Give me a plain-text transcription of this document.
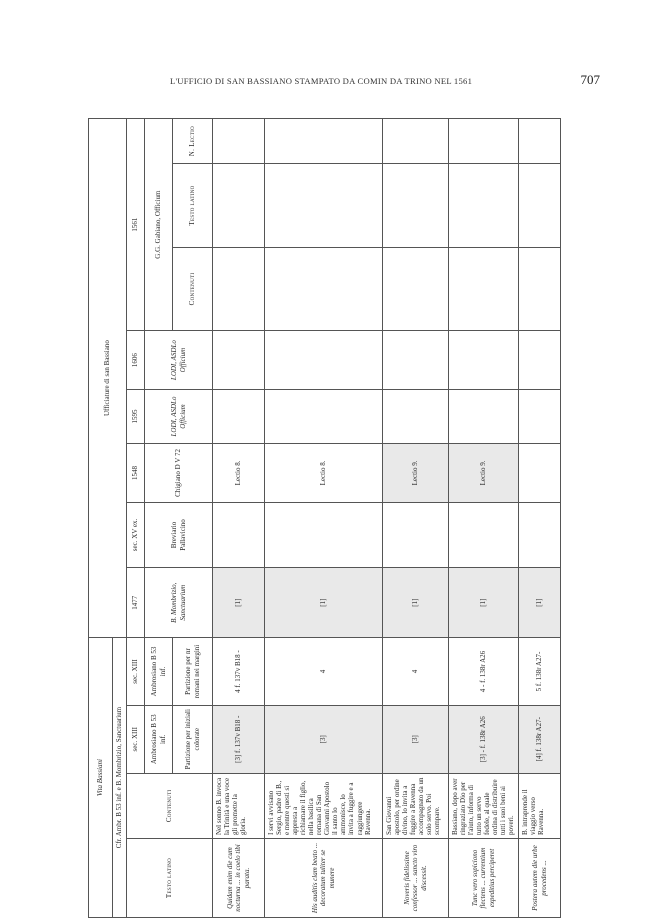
L'UFFICIO DI SAN BASSIANO STAMPATO DA COMIN DA TRINO NEL 1561	707
Vita Bassiani				Ufficiature di san Bassiano							
Cfr. Ambr. B 53 inf. e B. Mombrizio, Sanctuarium											
Testo latino	Contenuti	sec. XIII	sec. XIII	1477	sec. XV ex.	1548	1595	1606	1561		
		Ambrosiano B 53 inf.	Ambrosiano B 53 inf.	B. Mombrizio, Sanctuarium	Breviario Pallavicino	Chigiano D V 72	LODI, ASDLo Officium	LODI, ASDLo Officium	G.G. Gabiano, Officium		
		Partizione per iniziali colorate	Partizione per nr romani nei margini						Contenuti	Testo latino	N. Lectio
Quidam enim die cum nocturna ... in coelo tibi parata.	Nel sonno B. invoca la Trinità e una voce gli promette la gloria.	[3] f. 137v B18 -	4 f. 137v B18 -	[1]		Lectio 8.					
His auditis clam beato ... decoratum tuliter se munere	I servi avvisano Sergio, padre di B., e mentre questi si appresta a richiamare il figlio, nella basilica romana di San Giovanni Apostolo il santo lo ammonisce, lo invita a fuggire e a raggiungere Ravenna.	[3]	4	[1]		Lectio 8.					
Noveris fidelissime confessor ... sancto viro discessit.	San Giovanni apostolo, per ordine divino, lo invita a fuggire a Ravenna accompagnato da un solo servo. Poi scompare.	[3]	4	[1]		Lectio 9.					
Tunc vero sopiciono flectens ... currentium expeditius perciperet	Bassiano, dopo aver ringraziato Dio per l'aiuto, informa di tutto un servo fedele, al quale ordina di distribuire tutti i suoi beni ai poveri.	[3] - f. 138r A26	4 - f. 138r A26	[1]		Lectio 9.					
Postera autem die urbe procedens ...	B. intraprende il viaggio verso Ravenna.	[4] f. 138r A27-	5 f. 138r A27-	[1]							
